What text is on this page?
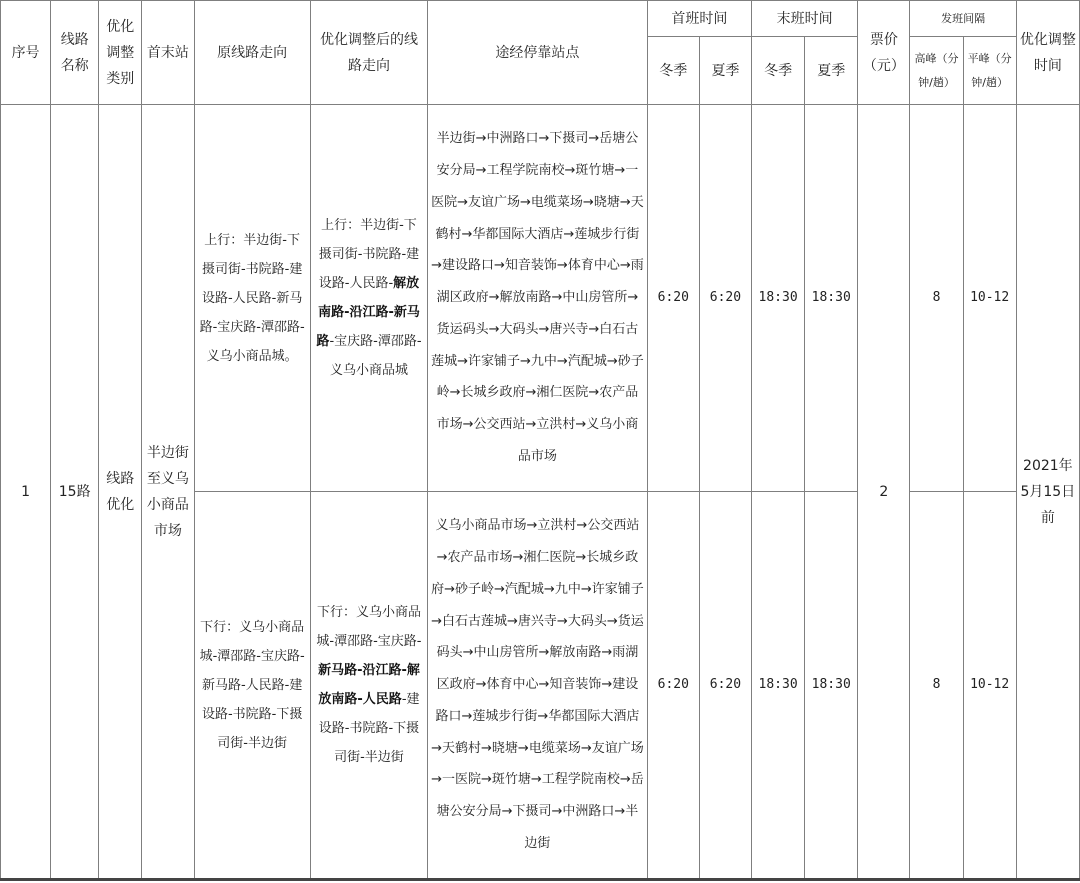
序号	线路名称	优化调整类别	首末站	原线路走向	优化调整后的线路走向	途经停靠站点	首班时间		末班时间		票价（元）	发班间隔		优化调整时间
							冬季	夏季	冬季	夏季		高峰（分钟/趟）	平峰（分钟/趟）	
1	15路	线路优化	半边街至义乌小商品市场	上行：半边街-下摄司街-书院路-建设路-人民路-新马路-宝庆路-潭邵路-义乌小商品城。	上行：半边街-下摄司街-书院路-建设路-人民路-解放南路-沿江路-新马路-宝庆路-潭邵路-义乌小商品城	半边街→中洲路口→下摄司→岳塘公安分局→工程学院南校→斑竹塘→一医院→友谊广场→电缆菜场→晓塘→天鹤村→华都国际大酒店→莲城步行街→建设路口→知音装饰→体育中心→雨湖区政府→解放南路→中山房管所→货运码头→大码头→唐兴寺→白石古莲城→许家铺子→九中→汽配城→砂子岭→长城乡政府→湘仁医院→农产品市场→公交西站→立洪村→义乌小商品市场	6:20	6:20	18:30	18:30	2	8	10-12	2021年5月15日前
				下行：义乌小商品城-潭邵路-宝庆路-新马路-人民路-建设路-书院路-下摄司街-半边街	下行：义乌小商品城-潭邵路-宝庆路-新马路-沿江路-解放南路-人民路-建设路-书院路-下摄司街-半边街	义乌小商品市场→立洪村→公交西站→农产品市场→湘仁医院→长城乡政府→砂子岭→汽配城→九中→许家铺子→白石古莲城→唐兴寺→大码头→货运码头→中山房管所→解放南路→雨湖区政府→体育中心→知音装饰→建设路口→莲城步行街→华都国际大酒店→天鹤村→晓塘→电缆菜场→友谊广场→一医院→斑竹塘→工程学院南校→岳塘公安分局→下摄司→中洲路口→半边街	6:20	6:20	18:30	18:30		8	10-12	
